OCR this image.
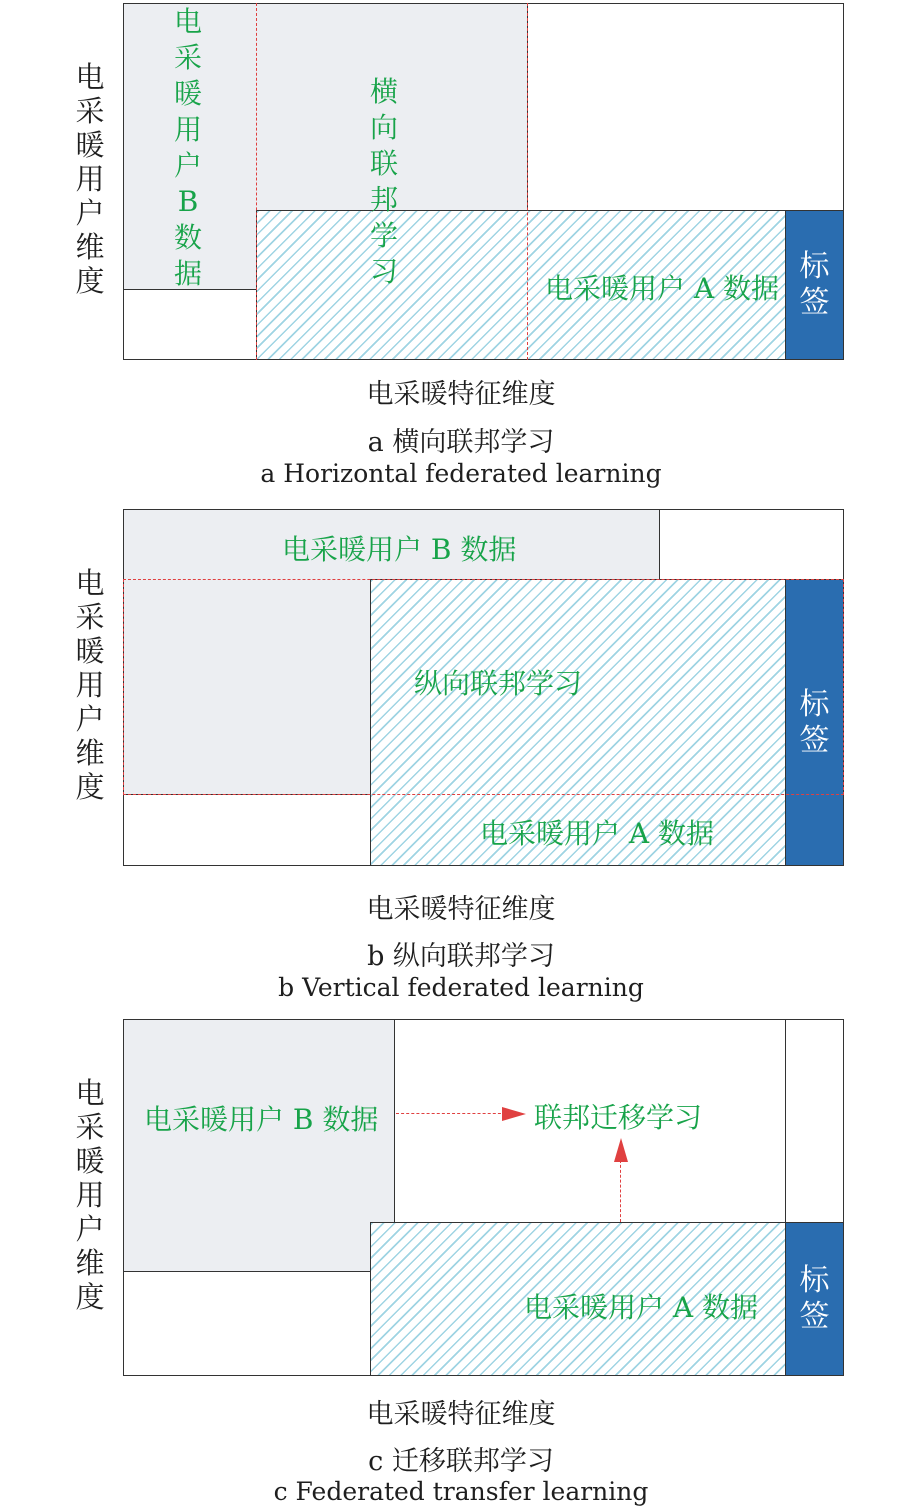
标
签
电
采
暖
用
户
维
度
电
采
暖
用
户
B
数
据
横
向
联
邦
学
习
电采暖用户 A 数据
电采暖特征维度
a 横向联邦学习
a Horizontal federated learning
标
签
电
采
暖
用
户
维
度
电采暖用户 B 数据
纵向联邦学习
电采暖用户 A 数据
电采暖特征维度
b 纵向联邦学习
b Vertical federated learning
标
签
电
采
暖
用
户
维
度
电采暖用户 B 数据	联邦迁移学习
电采暖用户 A 数据
电采暖特征维度
c 迁移联邦学习
c Federated transfer learning
